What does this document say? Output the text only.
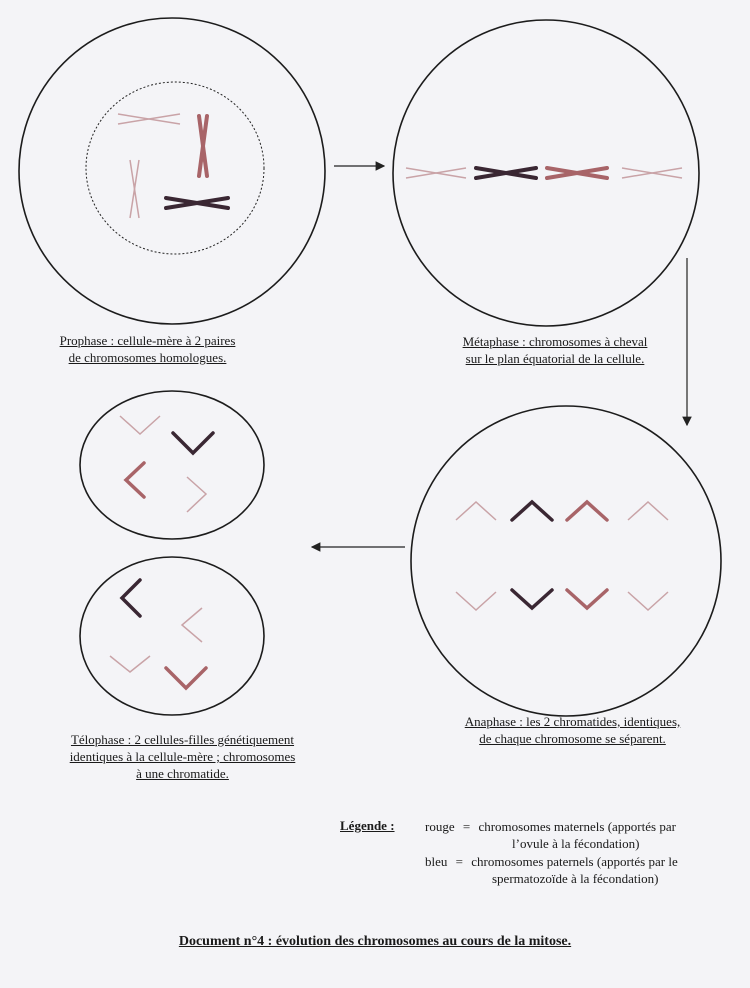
Prophase : cellule-mère à 2 paires
de chromosomes homologues.
Métaphase : chromosomes à cheval
sur le plan équatorial de la cellule.
Anaphase : les 2 chromatides, identiques,
de chaque chromosome se séparent.
Télophase : 2 cellules-filles génétiquement
identiques à la cellule-mère ; chromosomes
à une chromatide.
Légende : rouge = chromosomes maternels (apportés par
l’ovule à la fécondation)
bleu = chromosomes paternels (apportés par le
spermatozoïde à la fécondation)
Document n°4 : évolution des chromosomes au cours de la mitose.
